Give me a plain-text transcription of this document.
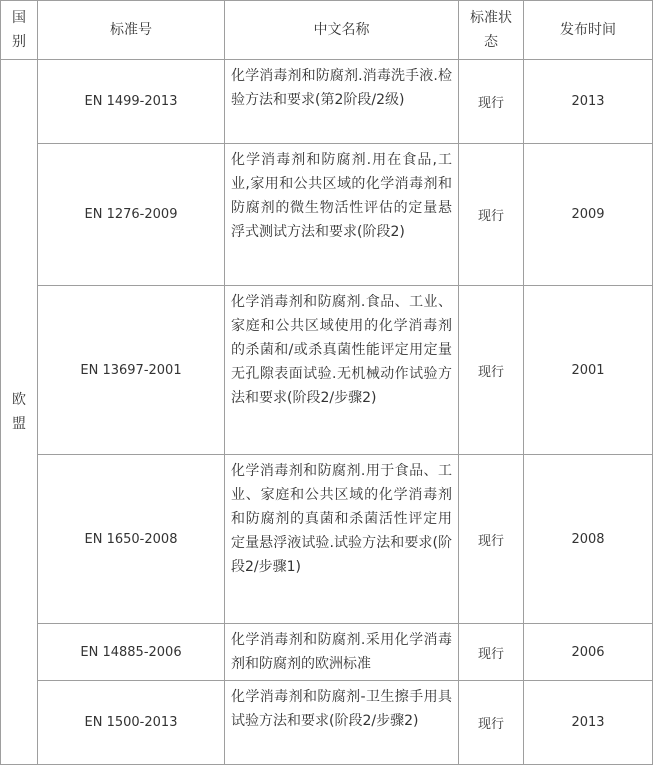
国别	标准号	中文名称	标准状态	发布时间
欧盟	EN 1499-2013	化学消毒剂和防腐剂.消毒洗手液.检验方法和要求(第2阶段/2级)	现行	2013
	EN 1276-2009	化学消毒剂和防腐剂.用在食品,工业,家用和公共区域的化学消毒剂和防腐剂的微生物活性评估的定量悬浮式测试方法和要求(阶段2)	现行	2009
	EN 13697-2001	化学消毒剂和防腐剂.食品、工业、家庭和公共区域使用的化学消毒剂的杀菌和/或杀真菌性能评定用定量无孔隙表面试验.无机械动作试验方法和要求(阶段2/步骤2)	现行	2001
	EN 1650-2008	化学消毒剂和防腐剂.用于食品、工业、家庭和公共区域的化学消毒剂和防腐剂的真菌和杀菌活性评定用定量悬浮液试验.试验方法和要求(阶段2/步骤1)	现行	2008
	EN 14885-2006	化学消毒剂和防腐剂.采用化学消毒剂和防腐剂的欧洲标准	现行	2006
	EN 1500-2013	化学消毒剂和防腐剂-卫生擦手用具 试验方法和要求(阶段2/步骤2)	现行	2013
